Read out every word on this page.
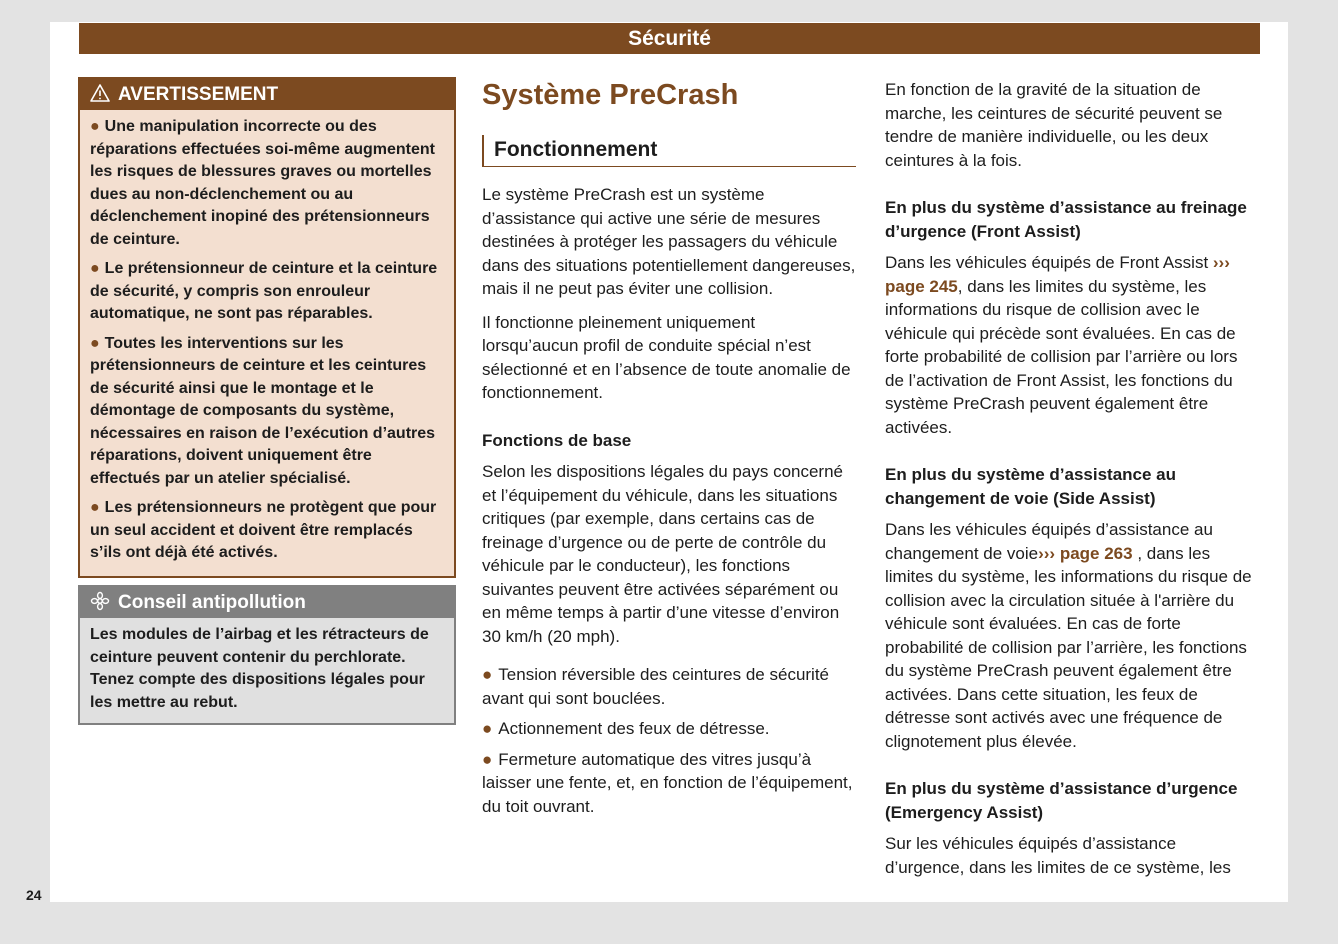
Sécurité
AVERTISSEMENT

● Une manipulation incorrecte ou des réparations effectuées soi-même augmentent les risques de blessures graves ou mortelles dues au non-déclenchement ou au déclenchement inopiné des prétensionneurs de ceinture.

● Le prétensionneur de ceinture et la ceinture de sécurité, y compris son enrouleur automatique, ne sont pas réparables.

● Toutes les interventions sur les prétensionneurs de ceinture et les ceintures de sécurité ainsi que le montage et le démontage de composants du système, nécessaires en raison de l’exécution d’autres réparations, doivent uniquement être effectués par un atelier spécialisé.

● Les prétensionneurs ne protègent que pour un seul accident et doivent être remplacés s’ils ont déjà été activés.

Conseil antipollution

Les modules de l’airbag et les rétracteurs de ceinture peuvent contenir du perchlorate. Tenez compte des dispositions légales pour les mettre au rebut.

Système PreCrash
Fonctionnement

Le système PreCrash est un système d’assistance qui active une série de mesures destinées à protéger les passagers du véhicule dans des situations potentiellement dangereuses, mais il ne peut pas éviter une collision.

Il fonctionne pleinement uniquement lorsqu’aucun profil de conduite spécial n’est sélectionné et en l’absence de toute anomalie de fonctionnement.

Fonctions de base

Selon les dispositions légales du pays concerné et l’équipement du véhicule, dans les situations critiques (par exemple, dans certains cas de freinage d’urgence ou de perte de contrôle du véhicule par le conducteur), les fonctions suivantes peuvent être activées séparément ou en même temps à partir d’une vitesse d’environ 30 km/h (20 mph).

● Tension réversible des ceintures de sécurité avant qui sont bouclées.

● Actionnement des feux de détresse.

● Fermeture automatique des vitres jusqu’à laisser une fente, et, en fonction de l’équipement, du toit ouvrant.

En fonction de la gravité de la situation de marche, les ceintures de sécurité peuvent se tendre de manière individuelle, ou les deux ceintures à la fois.

En plus du système d’assistance au freinage d’urgence (Front Assist)

Dans les véhicules équipés de Front Assist ››› page 245, dans les limites du système, les informations du risque de collision avec le véhicule qui précède sont évaluées. En cas de forte probabilité de collision par l’arrière ou lors de l’activation de Front Assist, les fonctions du système PreCrash peuvent également être activées.

En plus du système d’assistance au changement de voie (Side Assist)

Dans les véhicules équipés d’assistance au changement de voie››› page 263 , dans les limites du système, les informations du risque de collision avec la circulation située à l'arrière du véhicule sont évaluées. En cas de forte probabilité de collision par l’arrière, les fonctions du système PreCrash peuvent également être activées. Dans cette situation, les feux de détresse sont activés avec une fréquence de clignotement plus élevée.

En plus du système d’assistance d’urgence (Emergency Assist)

Sur les véhicules équipés d’assistance d’urgence, dans les limites de ce système, les

24
